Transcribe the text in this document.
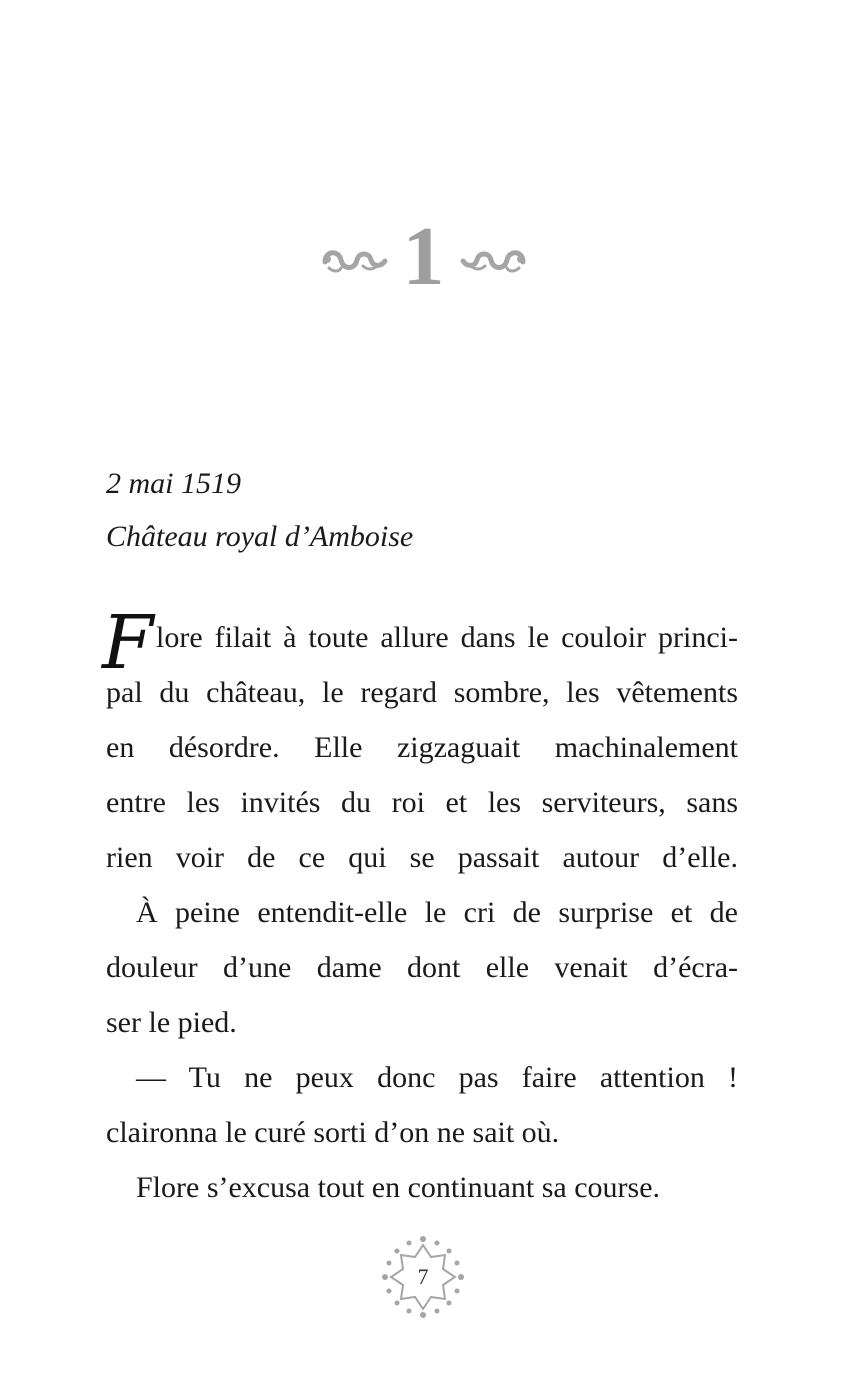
1
2 mai 1519
Château royal d’Amboise
F lore filait à toute allure dans le couloir princi-
pal du château, le regard sombre, les vêtements
en désordre. Elle zigzaguait machinalement
entre les invités du roi et les serviteurs, sans
rien voir de ce qui se passait autour d’elle.
À peine entendit-elle le cri de surprise et de
douleur d’une dame dont elle venait d’écra-
ser le pied.
— Tu ne peux donc pas faire attention !
claironna le curé sorti d’on ne sait où.
Flore s’excusa tout en continuant sa course.
7
